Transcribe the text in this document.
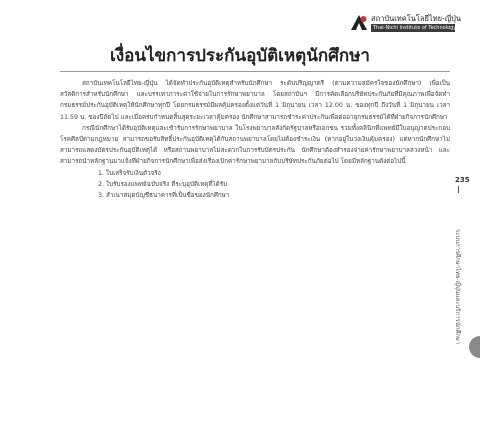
สถาบันเทคโนโลยีไทย-ญี่ปุ่น
Thai-Nichi Institute of Technology
เงื่อนไขการประกันอุบัติเหตุนักศึกษา

สถาบันเทคโนโลยีไทย-ญี่ปุ่น ได้จัดทำประกันอุบัติเหตุสำหรับนักศึกษา ระดับปริญญาตรี (ตามความสมัครใจของนักศึกษา) เพื่อเป็นสวัสดิการสำหรับนักศึกษา และบรรเทาภาระค่าใช้จ่ายในการรักษาพยาบาล โดยสถาบันฯ มีการคัดเลือกบริษัทประกันภัยที่มีคุณภาพเพื่อจัดทำกรมธรรม์ประกันอุบัติเหตุให้นักศึกษาทุกปี โดยกรมธรรม์มีผลคุ้มครองตั้งแต่วันที่ 1 มิถุนายน เวลา 12.00 น. ของทุกปี ถึงวันที่ 1 มิถุนายน เวลา 11.59 น. ของปีถัดไป และเมื่อครบกำหนดสิ้นสุดระยะเวลาคุ้มครอง นักศึกษาสามารถชำระค่าประกันเพื่อต่ออายุกรมธรรม์ได้ที่ฝ่ายกิจการนักศึกษา

กรณีนักศึกษาได้รับอุบัติเหตุและเข้ารับการรักษาพยาบาล ในโรงพยาบาลสังกัดรัฐบาลหรือเอกชน รวมทั้งคลินิกที่แพทย์มีใบอนุญาตประกอบโรคศิลป์ตามกฎหมาย สามารถขอรับสิทธิ์ประกันอุบัติเหตุได้กับสถานพยาบาลโดยไม่ต้องชำระเงิน (หากอยู่ในวงเงินคุ้มครอง) แต่หากนักศึกษาไม่สามารถแสดงบัตรประกันอุบัติเหตุได้ หรือสถานพยาบาลไม่สะดวกในการรับบัตรประกัน นักศึกษาต้องสำรองจ่ายค่ารักษาพยาบาลล่วงหน้า และสามารถนำหลักฐานมาแจ้งที่ฝ่ายกิจการนักศึกษาเพื่อส่งเรื่องเบิกค่ารักษาพยาบาลกับบริษัทประกันภัยต่อไป โดยมีหลักฐานดังต่อไปนี้

1. ใบเสร็จรับเงินตัวจริง
2. ใบรับรองแพทย์ฉบับจริง ที่ระบุอุบัติเหตุที่ได้รับ
3. สำเนาสมุดบัญชีธนาคารที่เป็นชื่อของนักศึกษา
235
ระบบการศึกษาไทย-ญี่ปุ่นและบริการนักศึกษา
